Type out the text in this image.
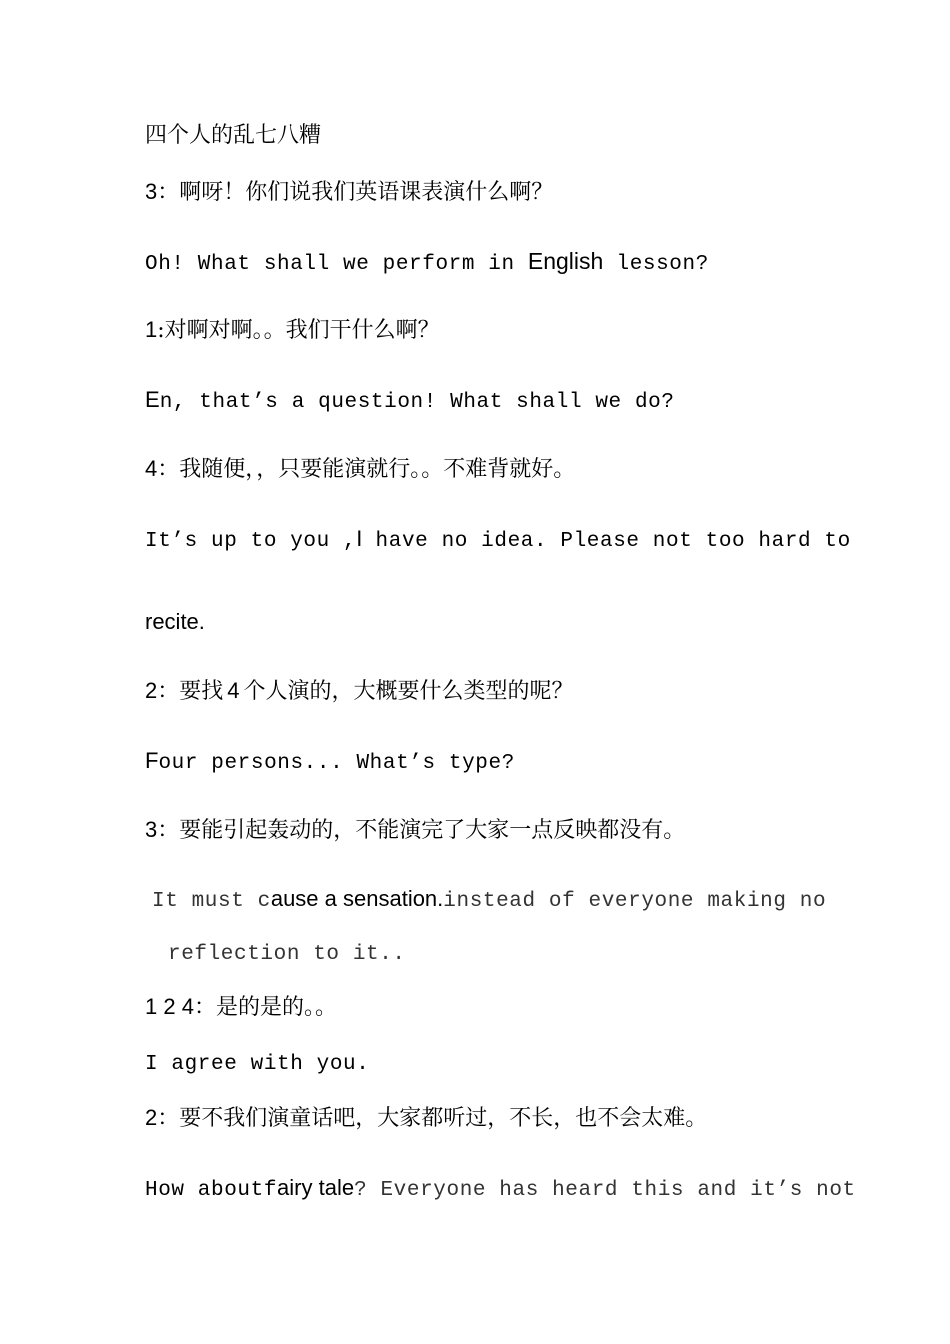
四个人的乱七八糟
3：啊呀！你们说我们英语课表演什么啊？
Oh! What shall we perform in English lesson?
1:对啊对啊。。我们干什么啊？
En, that’s a question! What shall we do?
4：我随便，，只要能演就行。。不难背就好。
It’s up to you ,I have no idea. Please not too hard to
recite.
2：要找 4 个人演的，大概要什么类型的呢？
Four persons... What’s type?
3：要能引起轰动的，不能演完了大家一点反映都没有。
It must cause a sensation.instead of everyone making no
reflection to it..
1 2 4：是的是的。。
I agree with you.
2：要不我们演童话吧，大家都听过，不长，也不会太难。
How aboutfairy tale? Everyone has heard this and it’s not
